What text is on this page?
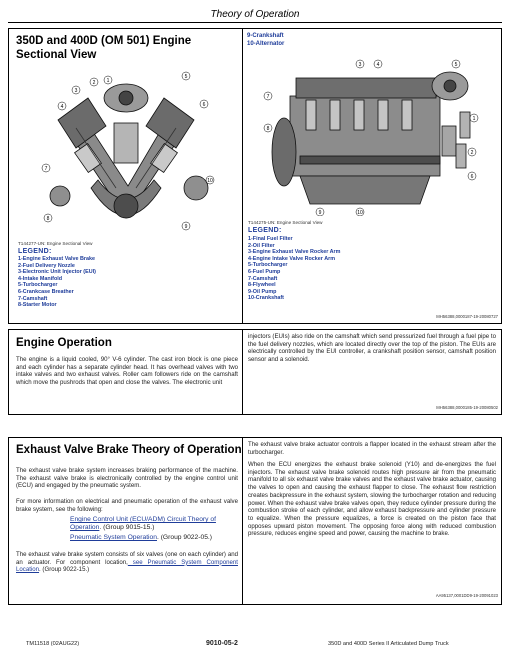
Theory of Operation
350D and 400D (OM 501) Engine Sectional View
9-Crankshaft
10-Alternator
1
2
3
4
5
6
7
8
9
10
T144277-UN: Engine Sectional View
LEGEND:
1-Engine Exhaust Valve Brake
2-Fuel Delivery Nozzle
3-Electronic Unit Injector (EUI)
4-Intake Manifold
5-Turbocharger
6-Crankcase Breather
7-Camshaft
8-Starter Motor
1
2
3	4	5
6
7
8
9	10
T144275-UN: Engine Sectional View
LEGEND:
1-Final Fuel Filter
2-Oil Filter
3-Engine Exhaust Valve Rocker Arm
4-Engine Intake Valve Rocker Arm
5-Turbocharger
6-Fuel Pump
7-Camshaft
8-Flywheel
9-Oil Pump
10-Crankshaft
MH56388,0000187-19-20080727
Engine Operation

The engine is a liquid cooled, 90° V-6 cylinder. The cast iron block is one piece and each cylinder has a separate cylinder head. It has overhead valves with two intake valves and two exhaust valves. Roller cam followers ride on the camshaft which move the pushrods that open and close the valves. The electronic unit

injectors (EUIs) also ride on the camshaft which send pressurized fuel through a fuel pipe to the fuel delivery nozzles, which are located directly over the top of the piston. The EUIs are electrically controlled by the EUI controller, a crankshaft position sensor, camshaft position sensor and a solenoid.

MH56388,0000185-19-20080502
Exhaust Valve Brake Theory of Operation

The exhaust valve brake system increases braking performance of the machine. The exhaust valve brake is electronically controlled by the engine control unit (ECU) and engaged by the pneumatic system.

For more information on electrical and pneumatic operation of the exhaust valve brake system, see the following:

Engine Control Unit (ECU/ADM) Circuit Theory of Operation. (Group 9015-15.)

Pneumatic System Operation. (Group 9022-05.)

The exhaust valve brake system consists of six valves (one on each cylinder) and an actuator. For component location, see Pneumatic System Component Location. (Group 9022-15.)

The exhaust valve brake actuator controls a flapper located in the exhaust stream after the turbocharger.

When the ECU energizes the exhaust brake solenoid (Y10) and de-energizes the fuel injectors. The exhaust valve brake solenoid routes high pressure air from the pneumatic manifold to all six exhaust valve brake valves and the exhaust valve brake actuator, causing the valves to open and causing the exhaust flapper to close. The exhaust flow restriction creates backpressure in the exhaust system, slowing the turbocharger rotation and reducing power. When the exhaust valve brake valves open, they reduce cylinder pressure during the combustion stroke of each cylinder, and allow exhaust backpressure and cylinder pressure to equalize. When the pressure equalizes, a force is created on the piston face that opposes upward piston movement. The opposing force along with reduced combustion pressure, reduces engine speed and power, causing the machine to brake.

AA95137,0001DD9-19-20091023
TM11518 (02AUG22)	9010-05-2	350D and 400D Series II Articulated Dump Truck
